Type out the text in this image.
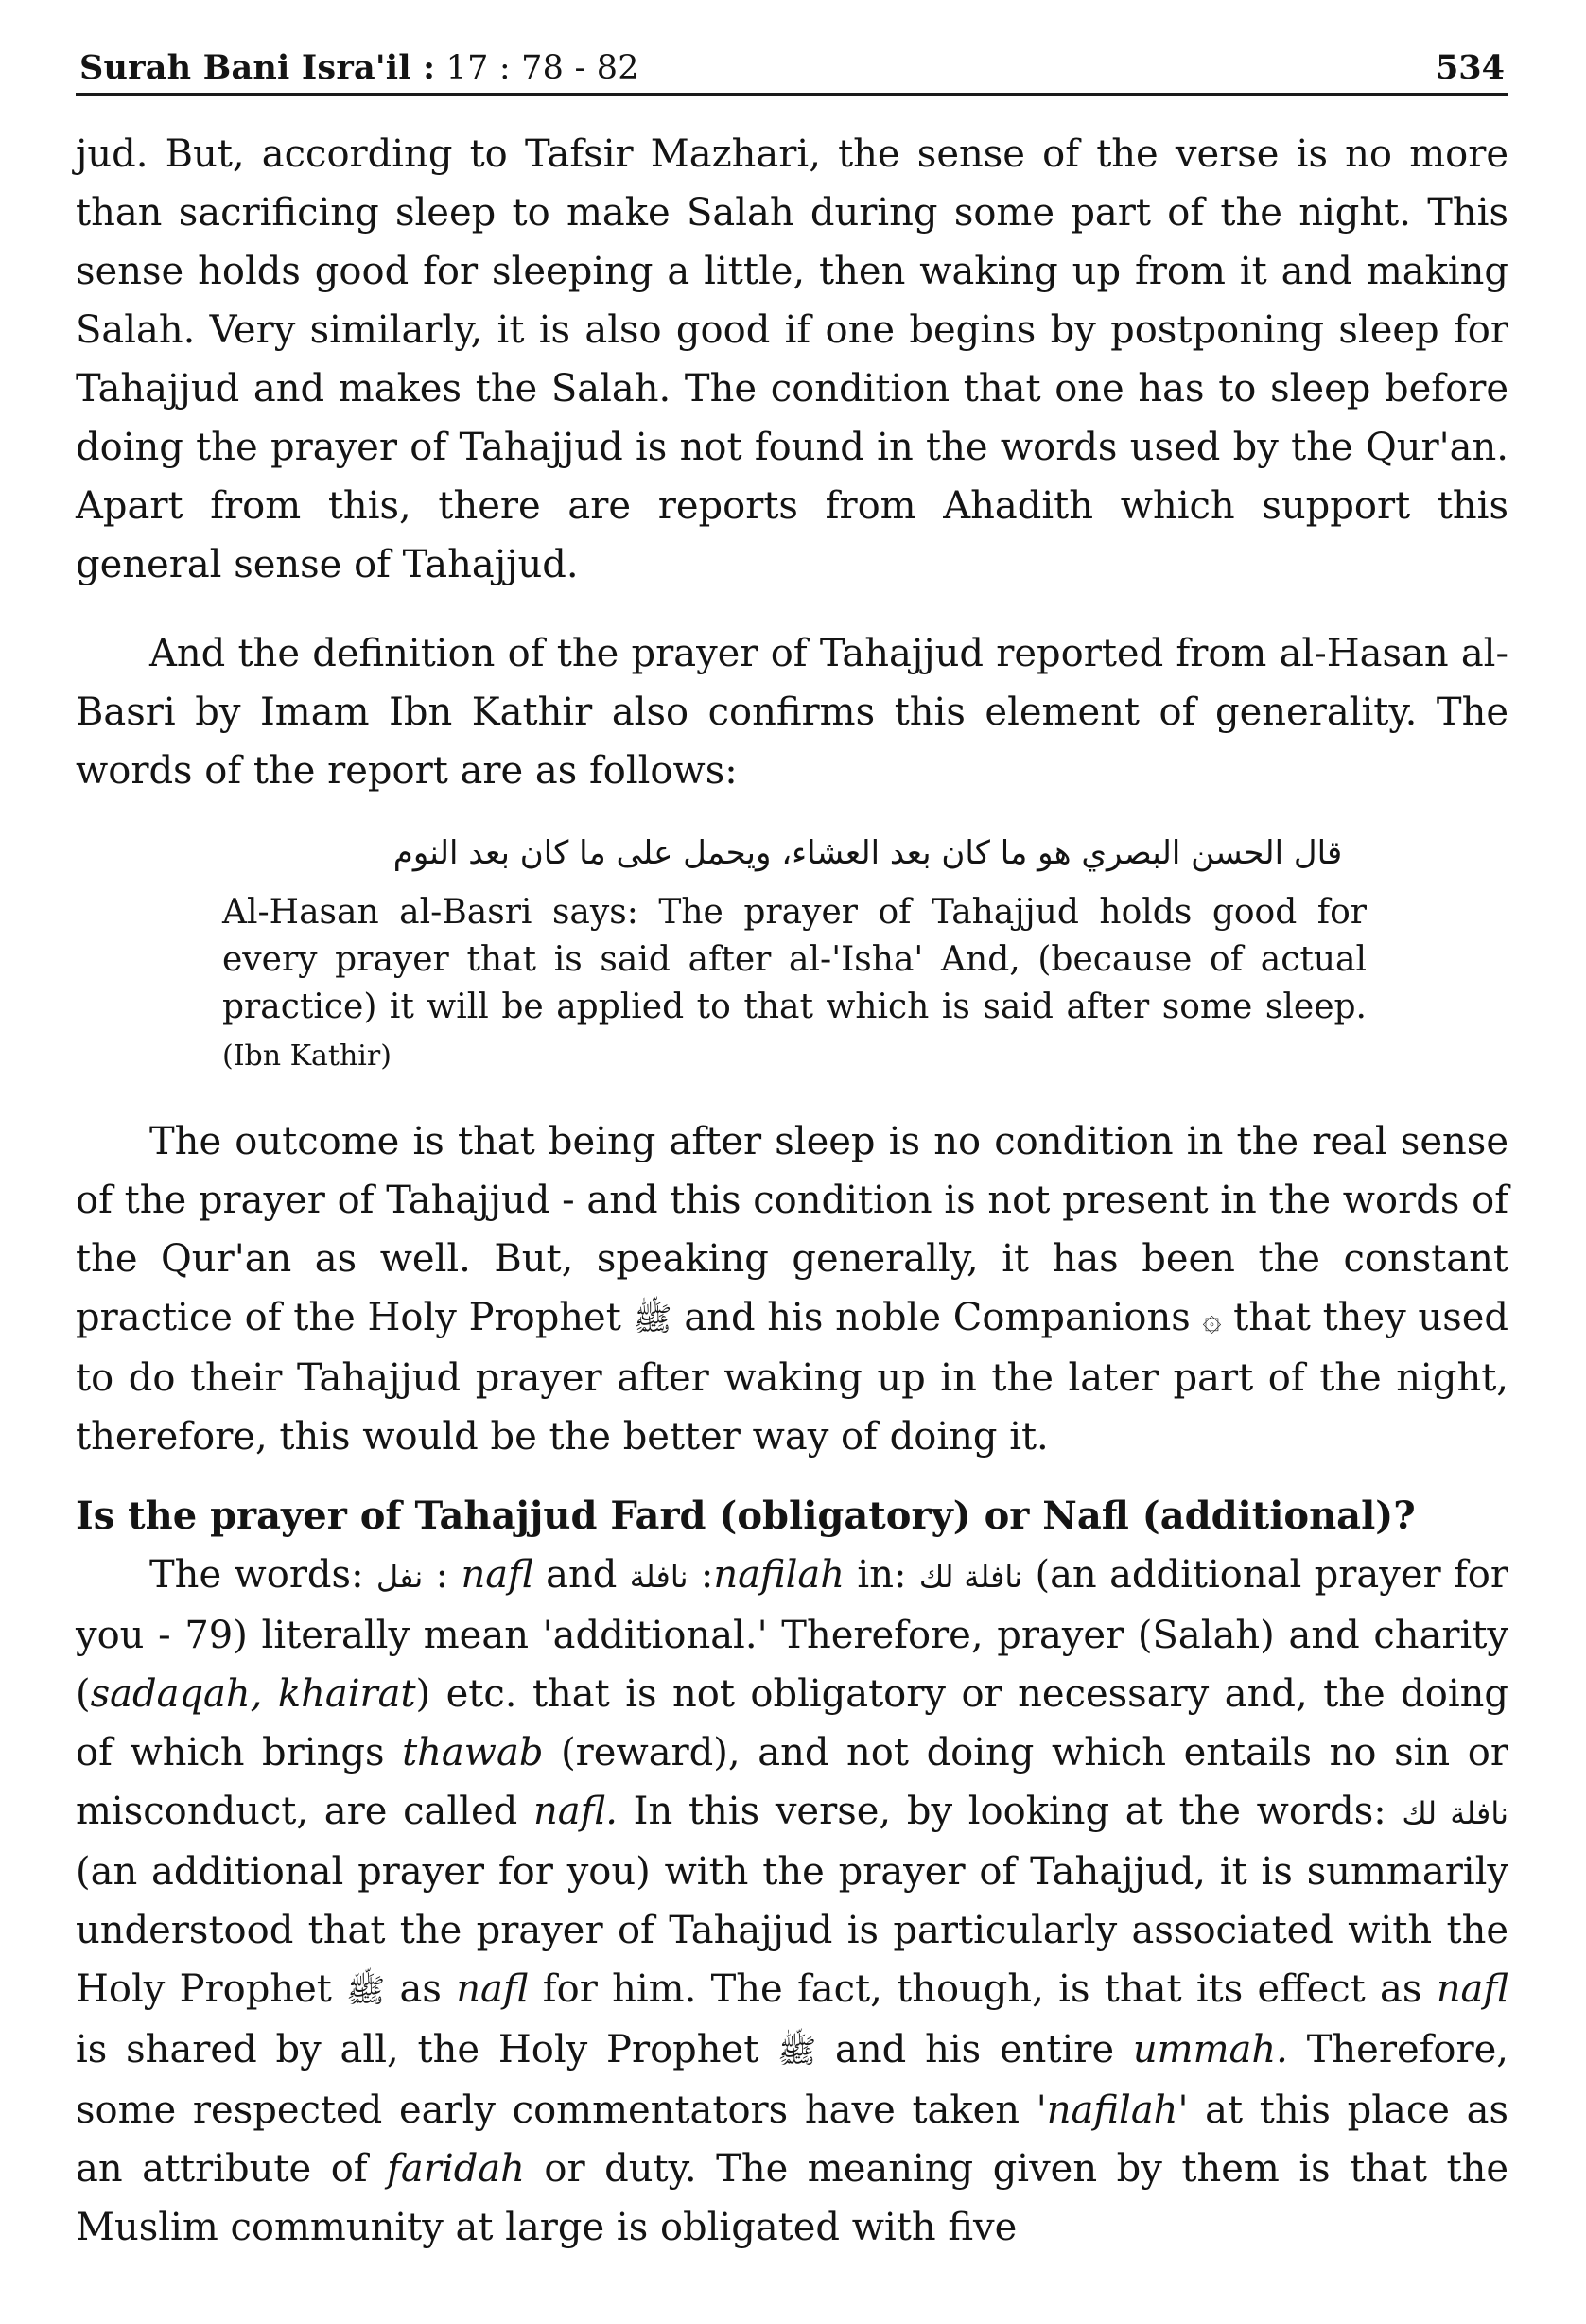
Surah Bani Isra'il : 17 : 78 - 82	534

jud. But, according to Tafsir Mazhari, the sense of the verse is no more than sacrificing sleep to make Salah during some part of the night. This sense holds good for sleeping a little, then waking up from it and making Salah. Very similarly, it is also good if one begins by postponing sleep for Tahajjud and makes the Salah. The condition that one has to sleep before doing the prayer of Tahajjud is not found in the words used by the Qur'an. Apart from this, there are reports from Ahadith which support this general sense of Tahajjud.

And the definition of the prayer of Tahajjud reported from al-Hasan al-Basri by Imam Ibn Kathir also confirms this element of generality. The words of the report are as follows:

قال الحسن البصري هو ما كان بعد العشاء، ويحمل على ما كان بعد النوم
Al-Hasan al-Basri says: The prayer of Tahajjud holds good for every prayer that is said after al-'Isha' And, (because of actual practice) it will be applied to that which is said after some sleep. (Ibn Kathir)

The outcome is that being after sleep is no condition in the real sense of the prayer of Tahajjud - and this condition is not present in the words of the Qur'an as well. But, speaking generally, it has been the constant practice of the Holy Prophet ﷺ and his noble Companions ۞ that they used to do their Tahajjud prayer after waking up in the later part of the night, therefore, this would be the better way of doing it.

Is the prayer of Tahajjud Fard (obligatory) or Nafl (additional)?

The words: نفل : nafl and نافلة :nafilah in: نافلة لك (an additional prayer for you - 79) literally mean 'additional.' Therefore, prayer (Salah) and charity (sadaqah, khairat) etc. that is not obligatory or necessary and, the doing of which brings thawab (reward), and not doing which entails no sin or misconduct, are called nafl. In this verse, by looking at the words: نافلة لك (an additional prayer for you) with the prayer of Tahajjud, it is summarily understood that the prayer of Tahajjud is particularly associated with the Holy Prophet ﷺ as nafl for him. The fact, though, is that its effect as nafl is shared by all, the Holy Prophet ﷺ and his entire ummah. Therefore, some respected early commentators have taken 'nafilah' at this place as an attribute of faridah or duty. The meaning given by them is that the Muslim community at large is obligated with five
